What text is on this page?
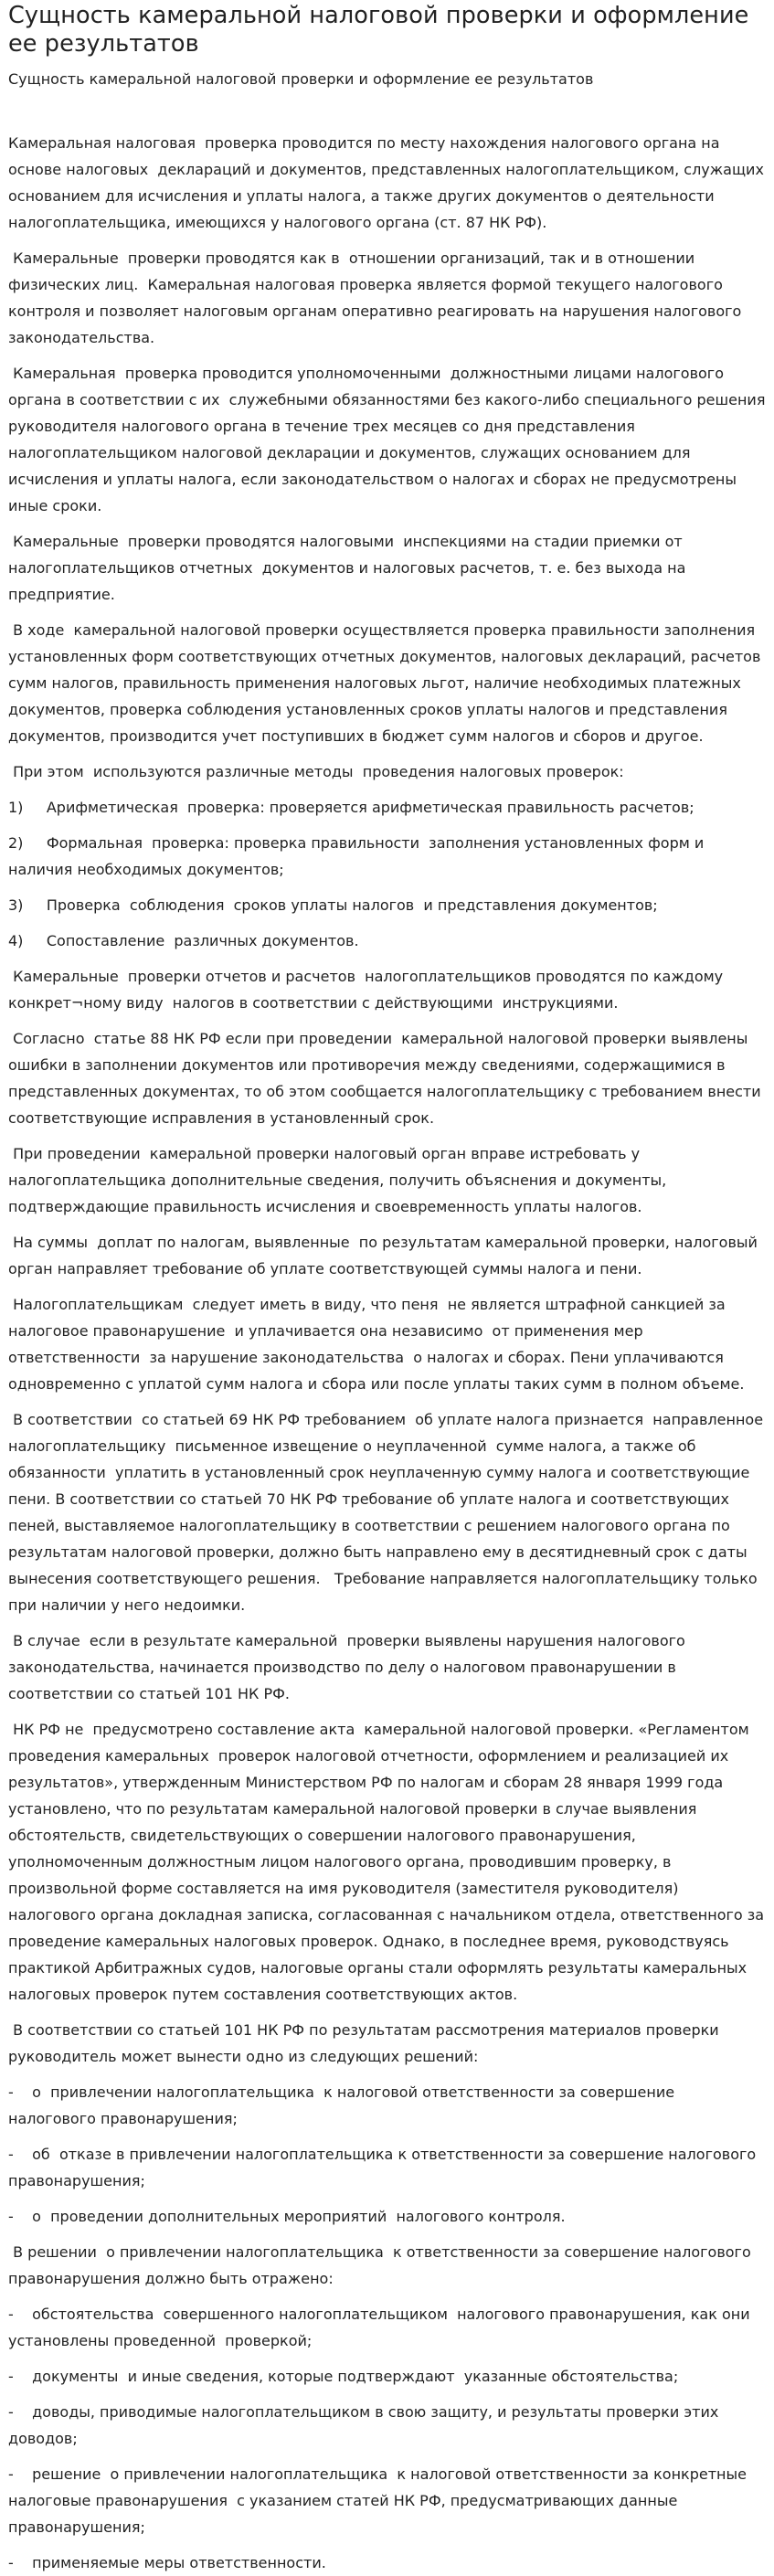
Сущность камеральной налоговой проверки и оформление ее результатов
Сущность камеральной налоговой проверки и оформление ее результатов

Камеральная налоговая  проверка проводится по месту нахождения налогового органа на основе налоговых  деклараций и документов, представленных налогоплательщиком, служащих основанием для исчисления и уплаты налога, а также других документов о деятельности налогоплательщика, имеющихся у налогового органа (ст. 87 НК РФ).

Камеральные  проверки проводятся как в  отношении организаций, так и в отношении физических лиц.  Камеральная налоговая проверка является формой текущего налогового контроля и позволяет налоговым органам оперативно реагировать на нарушения налогового законодательства.

Камеральная  проверка проводится уполномоченными  должностными лицами налогового органа в соответствии с их  служебными обязанностями без какого-либо специального решения руководителя налогового органа в течение трех месяцев со дня представления налогоплательщиком налоговой декларации и документов, служащих основанием для исчисления и уплаты налога, если законодательством о налогах и сборах не предусмотрены иные сроки.

Камеральные  проверки проводятся налоговыми  инспекциями на стадии приемки от налогоплательщиков отчетных  документов и налоговых расчетов, т. е. без выхода на предприятие.

В ходе  камеральной налоговой проверки осуществляется проверка правильности заполнения установленных форм соответствующих отчетных документов, налоговых деклараций, расчетов сумм налогов, правильность применения налоговых льгот, наличие необходимых платежных документов, проверка соблюдения установленных сроков уплаты налогов и представления документов, производится учет поступивших в бюджет сумм налогов и сборов и другое.

При этом  используются различные методы  проведения налоговых проверок:

1)     Арифметическая  проверка: проверяется арифметическая правильность расчетов;

2)     Формальная  проверка: проверка правильности  заполнения установленных форм и наличия необходимых документов;

3)     Проверка  соблюдения  сроков уплаты налогов  и представления документов;

4)     Сопоставление  различных документов.

Камеральные  проверки отчетов и расчетов  налогоплательщиков проводятся по каждому конкрет¬ному виду  налогов в соответствии с действующими  инструкциями.

Согласно  статье 88 НК РФ если при проведении  камеральной налоговой проверки выявлены ошибки в заполнении документов или противоречия между сведениями, содержащимися в представленных документах, то об этом сообщается налогоплательщику с требованием внести соответствующие исправления в установленный срок.

При проведении  камеральной проверки налоговый орган вправе истребовать у налогоплательщика дополнительные сведения, получить объяснения и документы, подтверждающие правильность исчисления и своевременность уплаты налогов.

На суммы  доплат по налогам, выявленные  по результатам камеральной проверки, налоговый орган направляет требование об уплате соответствующей суммы налога и пени.

Налогоплательщикам  следует иметь в виду, что пеня  не является штрафной санкцией за налоговое правонарушение  и уплачивается она независимо  от применения мер ответственности  за нарушение законодательства  о налогах и сборах. Пени уплачиваются одновременно с уплатой сумм налога и сбора или после уплаты таких сумм в полном объеме.

В соответствии  со статьей 69 НК РФ требованием  об уплате налога признается  направленное налогоплательщику  письменное извещение о неуплаченной  сумме налога, а также об обязанности  уплатить в установленный срок неуплаченную сумму налога и соответствующие пени. В соответствии со статьей 70 НК РФ требование об уплате налога и соответствующих пеней, выставляемое налогоплательщику в соответствии с решением налогового органа по результатам налоговой проверки, должно быть направлено ему в десятидневный срок с даты вынесения соответствующего решения.   Требование направляется налогоплательщику только при наличии у него недоимки.

В случае  если в результате камеральной  проверки выявлены нарушения налогового законодательства, начинается производство по делу о налоговом правонарушении в соответствии со статьей 101 НК РФ.

НК РФ не  предусмотрено составление акта  камеральной налоговой проверки. «Регламентом проведения камеральных  проверок налоговой отчетности, оформлением и реализацией их результатов», утвержденным Министерством РФ по налогам и сборам 28 января 1999 года установлено, что по результатам камеральной налоговой проверки в случае выявления обстоятельств, свидетельствующих о совершении налогового правонарушения, уполномоченным должностным лицом налогового органа, проводившим проверку, в произвольной форме составляется на имя руководителя (заместителя руководителя) налогового органа докладная записка, согласованная с начальником отдела, ответственного за проведение камеральных налоговых проверок. Однако, в последнее время, руководствуясь практикой Арбитражных судов, налоговые органы стали оформлять результаты камеральных налоговых проверок путем составления соответствующих актов.

В соответствии со статьей 101 НК РФ по результатам рассмотрения материалов проверки руководитель может вынести одно из следующих решений:

-    о  привлечении налогоплательщика  к налоговой ответственности за совершение налогового правонарушения;

-    об  отказе в привлечении налогоплательщика к ответственности за совершение налогового правонарушения;

-    о  проведении дополнительных мероприятий  налогового контроля.

В решении  о привлечении налогоплательщика  к ответственности за совершение налогового правонарушения должно быть отражено:

-    обстоятельства  совершенного налогоплательщиком  налогового правонарушения, как они установлены проведенной  проверкой;

-    документы  и иные сведения, которые подтверждают  указанные обстоятельства;

-    доводы, приводимые налогоплательщиком в свою защиту, и результаты проверки этих доводов;

-    решение  о привлечении налогоплательщика  к налоговой ответственности за конкретные налоговые правонарушения  с указанием статей НК РФ, предусматривающих данные правонарушения;

-    применяемые меры ответственности.
